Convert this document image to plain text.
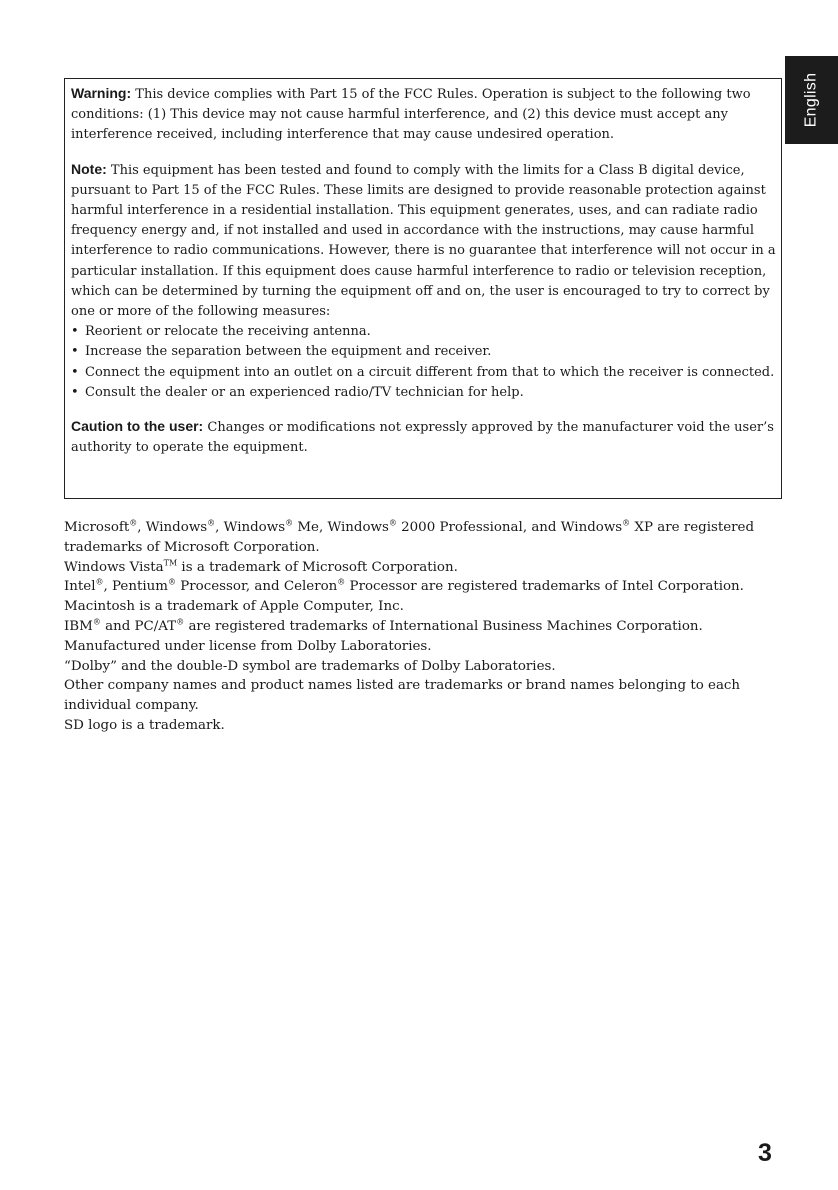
English

Warning: This device complies with Part 15 of the FCC Rules. Operation is subject to the following two conditions: (1) This device may not cause harmful interference, and (2) this device must accept any interference received, including interference that may cause undesired operation.

Note: This equipment has been tested and found to comply with the limits for a Class B digital device, pursuant to Part 15 of the FCC Rules. These limits are designed to provide reasonable protection against harmful interference in a residential installation. This equipment generates, uses, and can radiate radio frequency energy and, if not installed and used in accordance with the instructions, may cause harmful interference to radio communications. However, there is no guarantee that interference will not occur in a particular installation. If this equipment does cause harmful interference to radio or television reception, which can be determined by turning the equipment off and on, the user is encouraged to try to correct by one or more of the following measures:

• Reorient or relocate the receiving antenna.
• Increase the separation between the equipment and receiver.
• Connect the equipment into an outlet on a circuit different from that to which the receiver is connected.
• Consult the dealer or an experienced radio/TV technician for help.

Caution to the user: Changes or modifications not expressly approved by the manufacturer void the user’s authority to operate the equipment.

Microsoft®, Windows®, Windows® Me, Windows® 2000 Professional, and Windows® XP are registered trademarks of Microsoft Corporation.

Windows Vista™ is a trademark of Microsoft Corporation.

Intel®, Pentium® Processor, and Celeron® Processor are registered trademarks of Intel Corporation.

Macintosh is a trademark of Apple Computer, Inc.

IBM® and PC/AT® are registered trademarks of International Business Machines Corporation.

Manufactured under license from Dolby Laboratories.

“Dolby” and the double-D symbol are trademarks of Dolby Laboratories.

Other company names and product names listed are trademarks or brand names belonging to each individual company.

SD logo is a trademark.

3
